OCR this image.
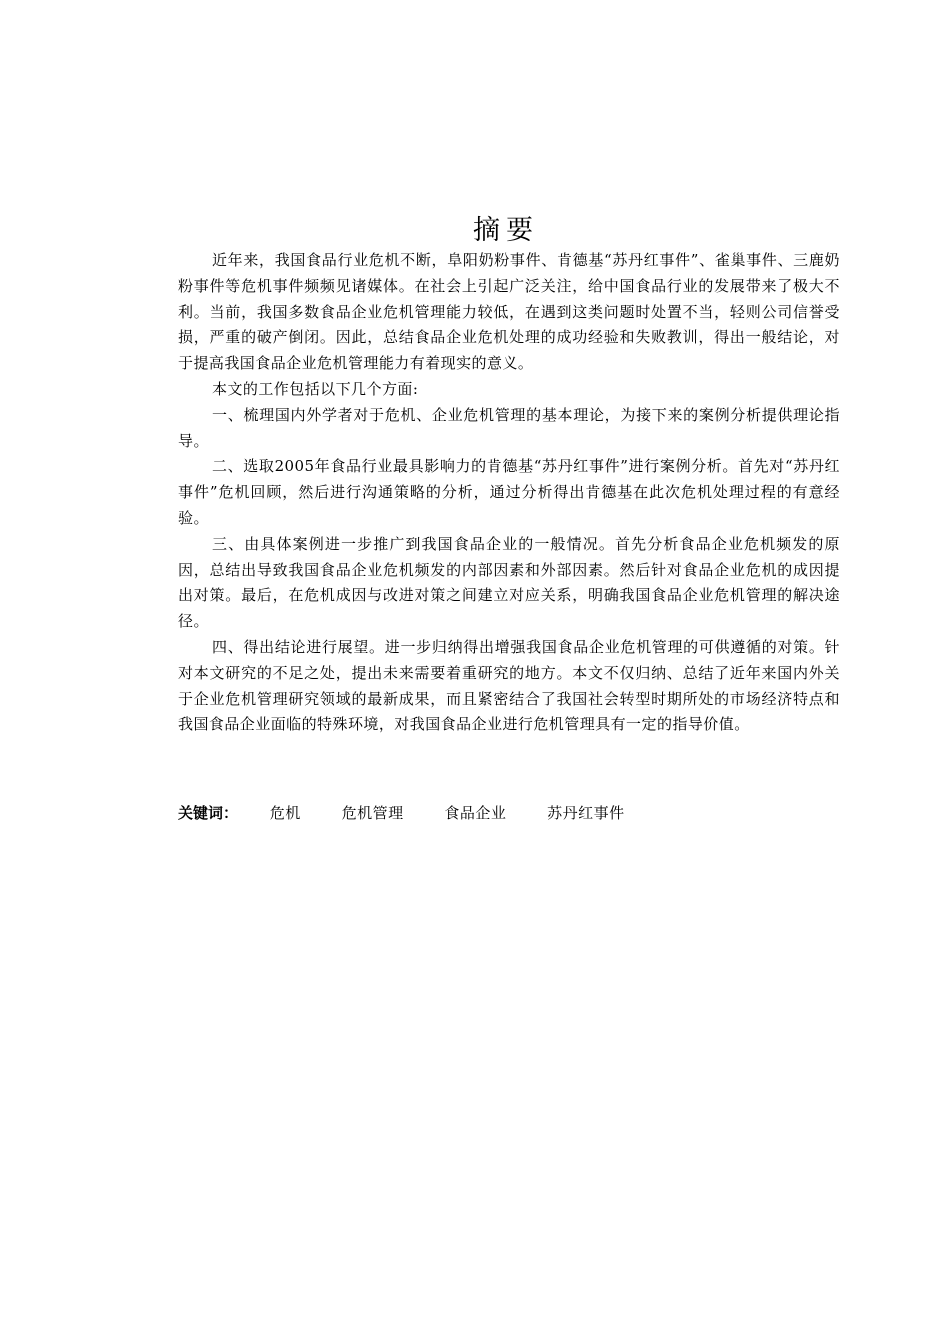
摘要

近年来，我国食品行业危机不断，阜阳奶粉事件、肯德基“苏丹红事件”、雀巢事件、三鹿奶粉事件等危机事件频频见诸媒体。在社会上引起广泛关注，给中国食品行业的发展带来了极大不利。当前，我国多数食品企业危机管理能力较低，在遇到这类问题时处置不当，轻则公司信誉受损，严重的破产倒闭。因此，总结食品企业危机处理的成功经验和失败教训，得出一般结论，对于提高我国食品企业危机管理能力有着现实的意义。

本文的工作包括以下几个方面:

一、梳理国内外学者对于危机、企业危机管理的基本理论，为接下来的案例分析提供理论指导。

二、选取2005年食品行业最具影响力的肯德基“苏丹红事件”进行案例分析。首先对“苏丹红事件”危机回顾，然后进行沟通策略的分析，通过分析得出肯德基在此次危机处理过程的有意经验。

三、由具体案例进一步推广到我国食品企业的一般情况。首先分析食品企业危机频发的原因，总结出导致我国食品企业危机频发的内部因素和外部因素。然后针对食品企业危机的成因提出对策。最后，在危机成因与改进对策之间建立对应关系，明确我国食品企业危机管理的解决途径。

四、得出结论进行展望。进一步归纳得出增强我国食品企业危机管理的可供遵循的对策。针对本文研究的不足之处，提出未来需要着重研究的地方。本文不仅归纳、总结了近年来国内外关于企业危机管理研究领域的最新成果，而且紧密结合了我国社会转型时期所处的市场经济特点和我国食品企业面临的特殊环境，对我国食品企业进行危机管理具有一定的指导价值。

关键词： 危机	危机管理	食品企业	苏丹红事件
